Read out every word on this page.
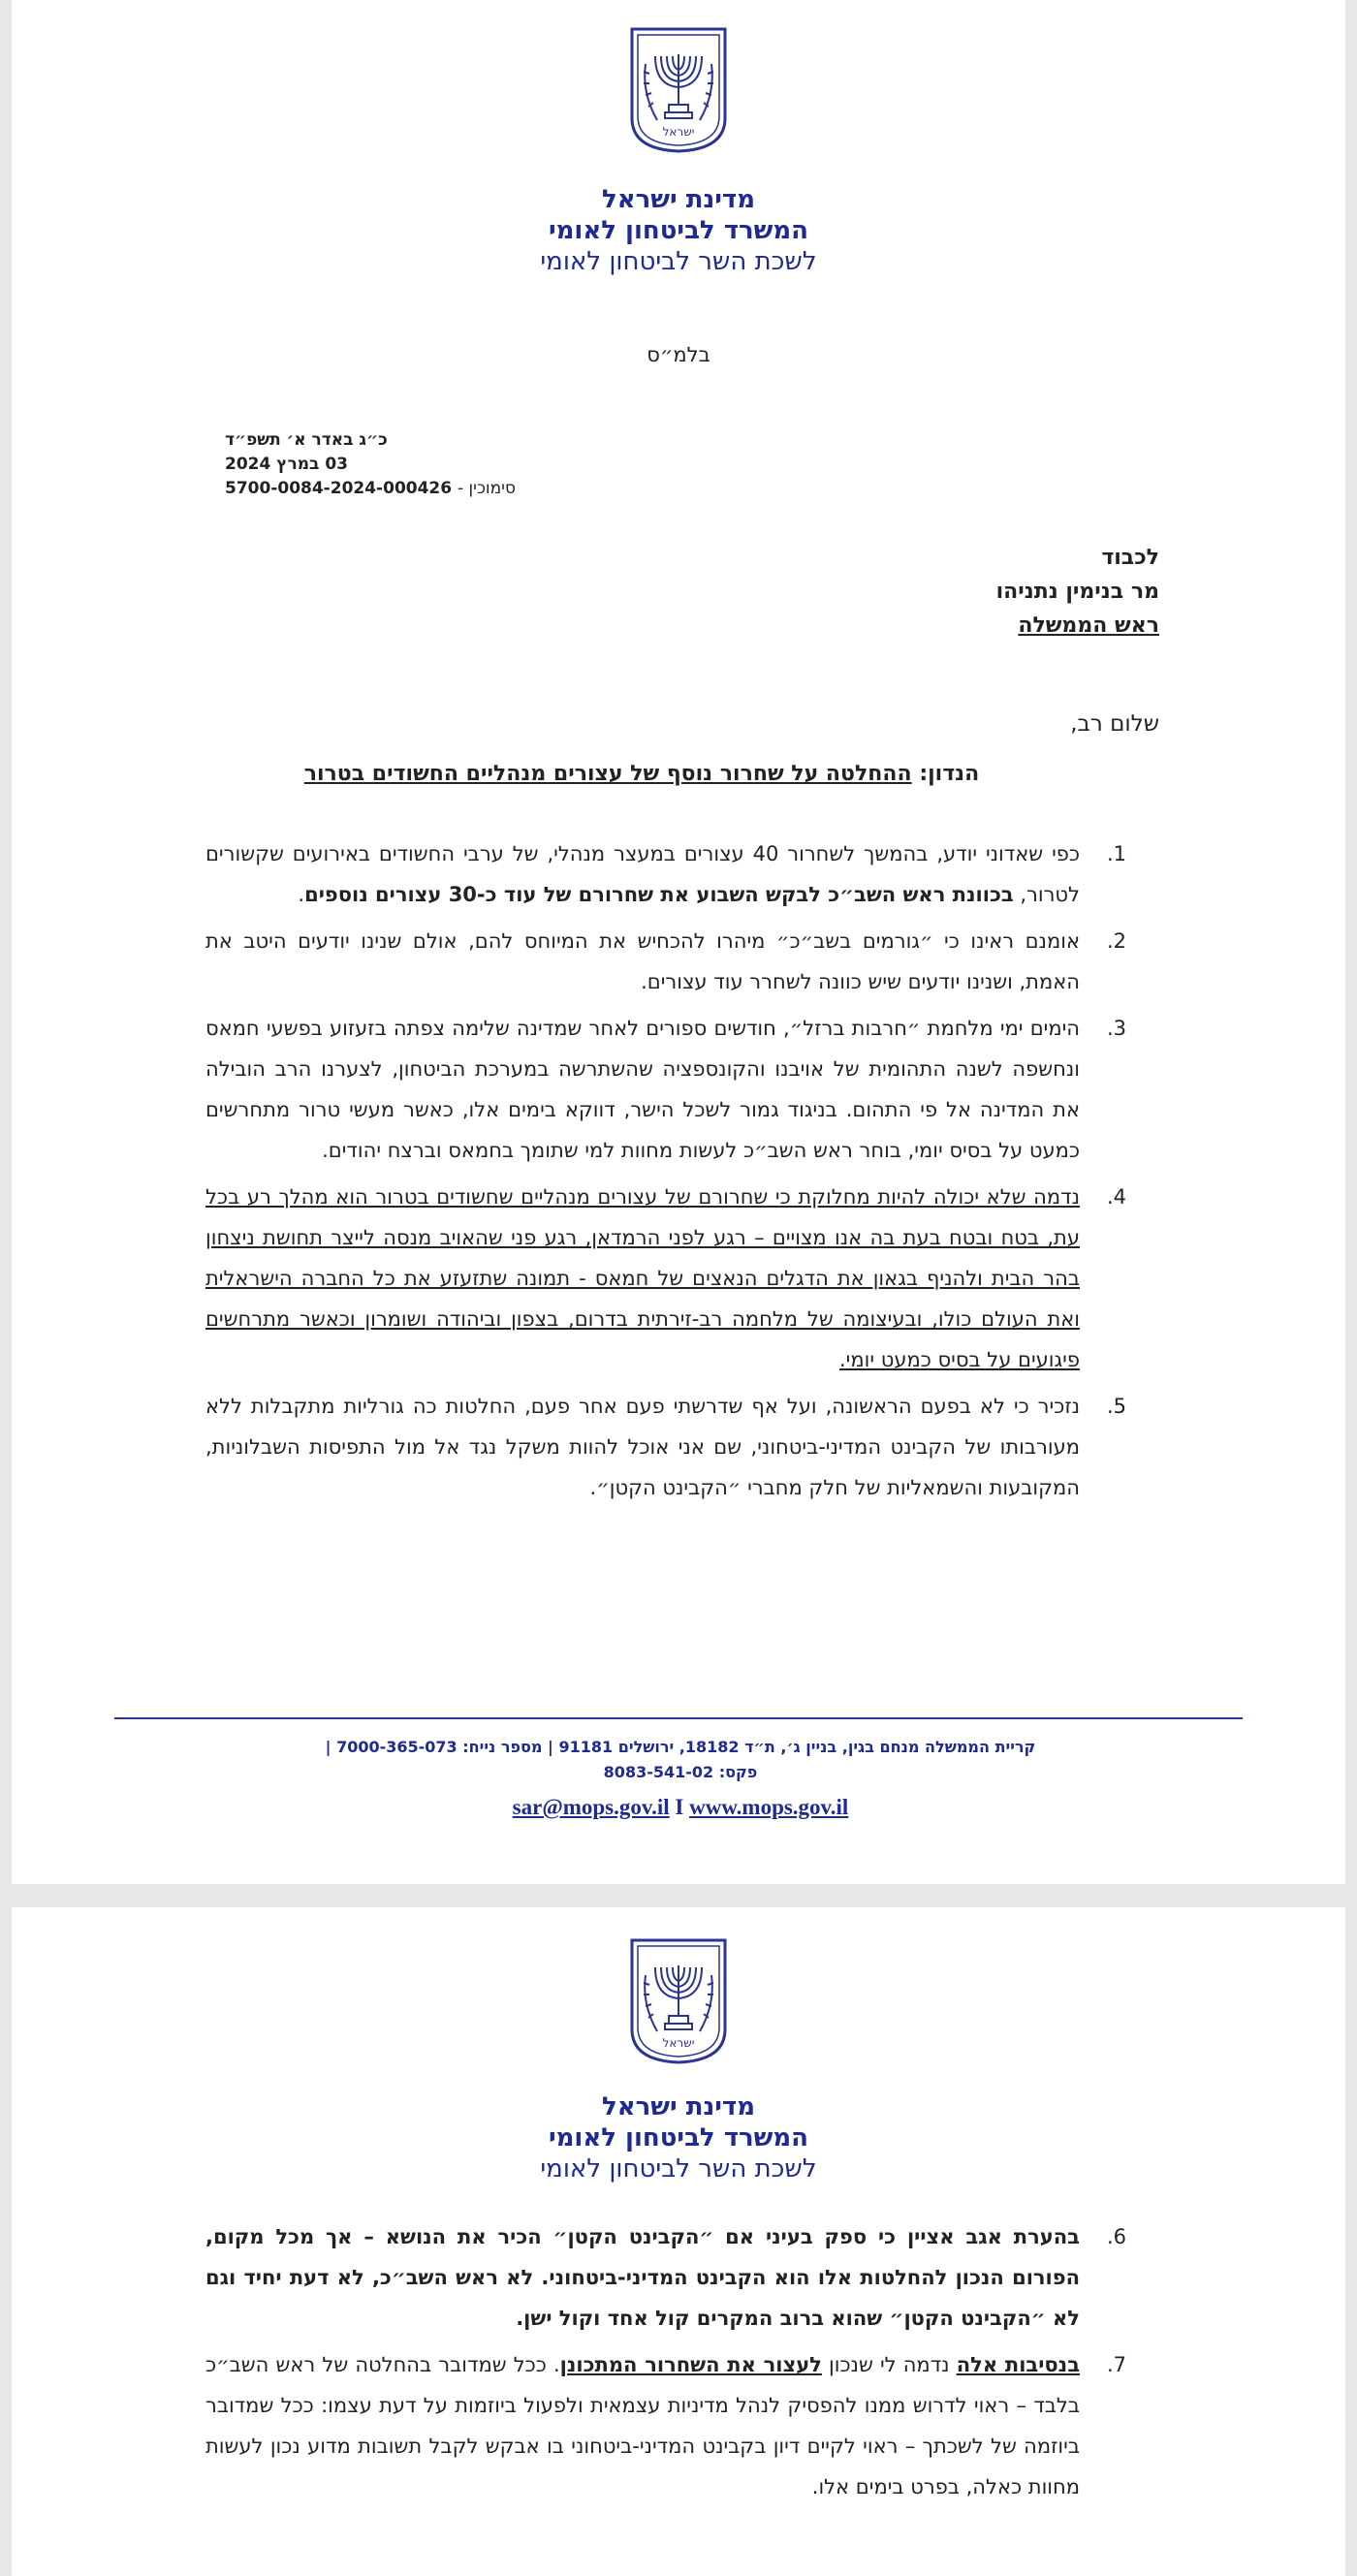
ישראל
מדינת ישראל
המשרד לביטחון לאומי
לשכת השר לביטחון לאומי
בלמ״ס
כ״ג באדר א׳ תשפ״ד
03 במרץ 2024

5700-0084-2024-000426 סימוכין -
לכבוד
מר בנימין נתניהו
ראש הממשלה
שלום רב,
הנדון: ההחלטה על שחרור נוסף של עצורים מנהליים החשודים בטרור
1.
כפי שאדוני יודע, בהמשך לשחרור 40 עצורים במעצר מנהלי, של ערבי החשודים באירועים שקשורים לטרור, בכוונת ראש השב״כ לבקש השבוע את שחרורם של עוד כ-30 עצורים נוספים.
2.
אומנם ראינו כי ״גורמים בשב״כ״ מיהרו להכחיש את המיוחס להם, אולם שנינו יודעים היטב את האמת, ושנינו יודעים שיש כוונה לשחרר עוד עצורים.
3.
הימים ימי מלחמת ״חרבות ברזל״, חודשים ספורים לאחר שמדינה שלימה צפתה בזעזוע בפשעי חמאס ונחשפה לשנה התהומית של אויבנו והקונספציה שהשתרשה במערכת הביטחון, לצערנו הרב הובילה את המדינה אל פי התהום. בניגוד גמור לשכל הישר, דווקא בימים אלו, כאשר מעשי טרור מתחרשים כמעט על בסיס יומי, בוחר ראש השב״כ לעשות מחוות למי שתומך בחמאס וברצח יהודים.
4.
נדמה שלא יכולה להיות מחלוקת כי שחרורם של עצורים מנהליים שחשודים בטרור הוא מהלך רע בכל עת, בטח ובטח בעת בה אנו מצויים – רגע לפני הרמדאן, רגע פני שהאויב מנסה לייצר תחושת ניצחון בהר הבית ולהניף בגאון את הדגלים הנאצים של חמאס - תמונה שתזעזע את כל החברה הישראלית ואת העולם כולו, ובעיצומה של מלחמה רב-זירתית בדרום, בצפון וביהודה ושומרון וכאשר מתרחשים פיגועים על בסיס כמעט יומי.
5.
נזכיר כי לא בפעם הראשונה, ועל אף שדרשתי פעם אחר פעם, החלטות כה גורליות מתקבלות ללא מעורבותו של הקבינט המדיני-ביטחוני, שם אני אוכל להוות משקל נגד אל מול התפיסות השבלוניות, המקובעות והשמאליות של חלק מחברי ״הקבינט הקטן״.
קריית הממשלה מנחם בגין, בניין ג׳, ת״ד 18182, ירושלים 91181 | מספר נייח: 7000-365-073 |
פקס: 8083-541-02
sar@mops.gov.il I www.mops.gov.il
ישראל
מדינת ישראל
המשרד לביטחון לאומי
לשכת השר לביטחון לאומי
6.
בהערת אגב אציין כי ספק בעיני אם ״הקבינט הקטן״ הכיר את הנושא – אך מכל מקום, הפורום הנכון להחלטות אלו הוא הקבינט המדיני-ביטחוני. לא ראש השב״כ, לא דעת יחיד וגם לא ״הקבינט הקטן״ שהוא ברוב המקרים קול אחד וקול ישן.
7.
בנסיבות אלה נדמה לי שנכון לעצור את השחרור המתכונן. ככל שמדובר בהחלטה של ראש השב״כ בלבד – ראוי לדרוש ממנו להפסיק לנהל מדיניות עצמאית ולפעול ביוזמות על דעת עצמו: ככל שמדובר ביוזמה של לשכתך – ראוי לקיים דיון בקבינט המדיני-ביטחוני בו אבקש לקבל תשובות מדוע נכון לעשות מחוות כאלה, בפרט בימים אלו.
